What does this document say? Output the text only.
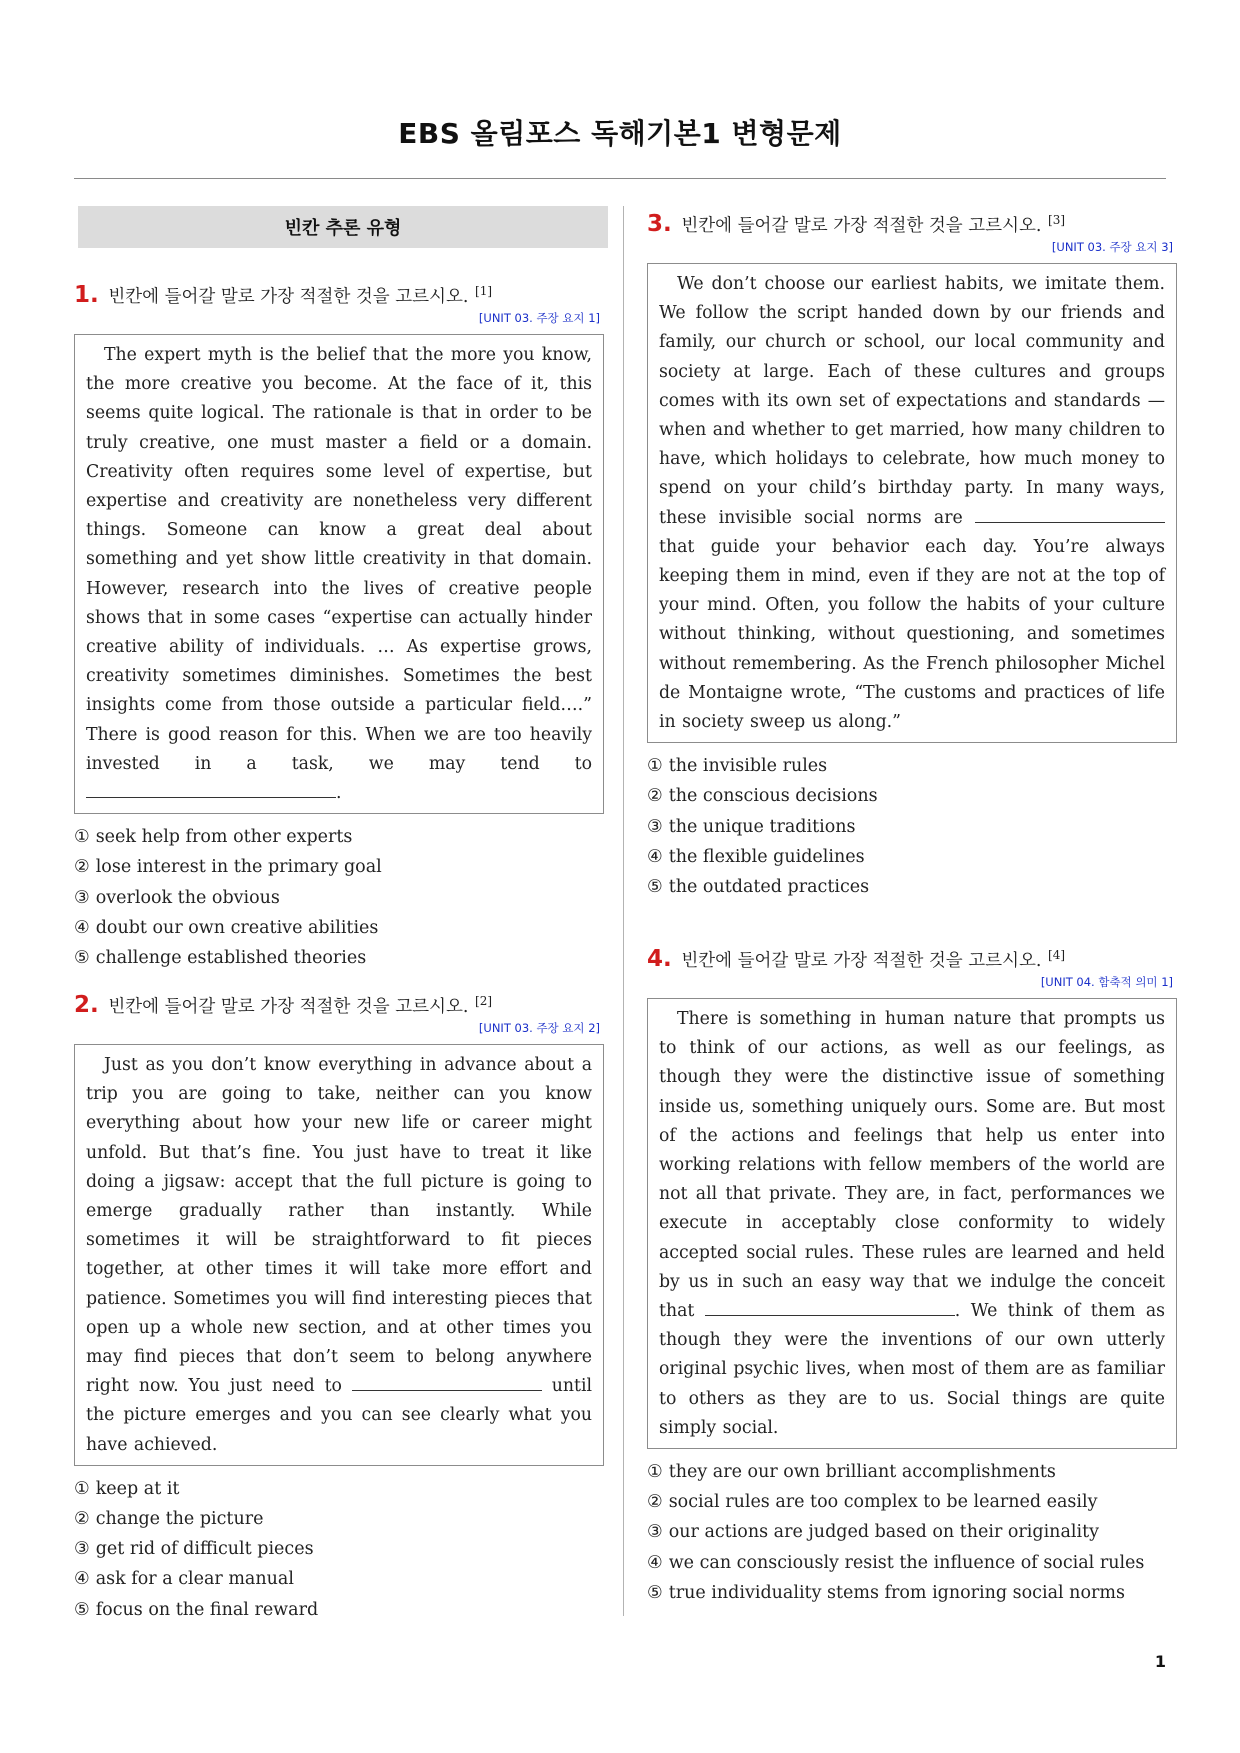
EBS 올림포스 독해기본1 변형문제
빈칸 추론 유형
1. 빈칸에 들어갈 말로 가장 적절한 것을 고르시오. [1]
[UNIT 03. 주장 요지 1]

The expert myth is the belief that the more you know, the more creative you become. At the face of it, this seems quite logical. The rationale is that in order to be truly creative, one must master a field or a domain. Creativity often requires some level of expertise, but expertise and creativity are nonetheless very different things. Someone can know a great deal about something and yet show little creativity in that domain. However, research into the lives of creative people shows that in some cases “expertise can actually hinder creative ability of individuals. … As expertise grows, creativity sometimes diminishes. Sometimes the best insights come from those outside a particular field….” There is good reason for this. When we are too heavily invested in a task, we may tend to .

① seek help from other experts
② lose interest in the primary goal
③ overlook the obvious
④ doubt our own creative abilities
⑤ challenge established theories
2. 빈칸에 들어갈 말로 가장 적절한 것을 고르시오. [2]
[UNIT 03. 주장 요지 2]

Just as you don’t know everything in advance about a trip you are going to take, neither can you know everything about how your new life or career might unfold. But that’s fine. You just have to treat it like doing a jigsaw: accept that the full picture is going to emerge gradually rather than instantly. While sometimes it will be straightforward to fit pieces together, at other times it will take more effort and patience. Sometimes you will find interesting pieces that open up a whole new section, and at other times you may find pieces that don’t seem to belong anywhere right now. You just need to	until the picture emerges and you can see clearly what you have achieved.

① keep at it
② change the picture
③ get rid of difficult pieces
④ ask for a clear manual
⑤ focus on the final reward
3. 빈칸에 들어갈 말로 가장 적절한 것을 고르시오. [3]
[UNIT 03. 주장 요지 3]

We don’t choose our earliest habits, we imitate them. We follow the script handed down by our friends and family, our church or school, our local community and society at large. Each of these cultures and groups comes with its own set of expectations and standards — when and whether to get married, how many children to have, which holidays to celebrate, how much money to spend on your child’s birthday party. In many ways, these invisible social norms are  that guide your behavior each day. You’re always keeping them in mind, even if they are not at the top of your mind. Often, you follow the habits of your culture without thinking, without questioning, and sometimes without remembering. As the French philosopher Michel de Montaigne wrote, “The customs and practices of life in society sweep us along.”

① the invisible rules
② the conscious decisions
③ the unique traditions
④ the flexible guidelines
⑤ the outdated practices
4. 빈칸에 들어갈 말로 가장 적절한 것을 고르시오. [4]
[UNIT 04. 함축적 의미 1]

There is something in human nature that prompts us to think of our actions, as well as our feelings, as though they were the distinctive issue of something inside us, something uniquely ours. Some are. But most of the actions and feelings that help us enter into working relations with fellow members of the world are not all that private. They are, in fact, performances we execute in acceptably close conformity to widely accepted social rules. These rules are learned and held by us in such an easy way that we indulge the conceit that	. We think of them as though they were the inventions of our own utterly original psychic lives, when most of them are as familiar to others as they are to us. Social things are quite simply social.

① they are our own brilliant accomplishments
② social rules are too complex to be learned easily
③ our actions are judged based on their originality
④ we can consciously resist the influence of social rules
⑤ true individuality stems from ignoring social norms
1
